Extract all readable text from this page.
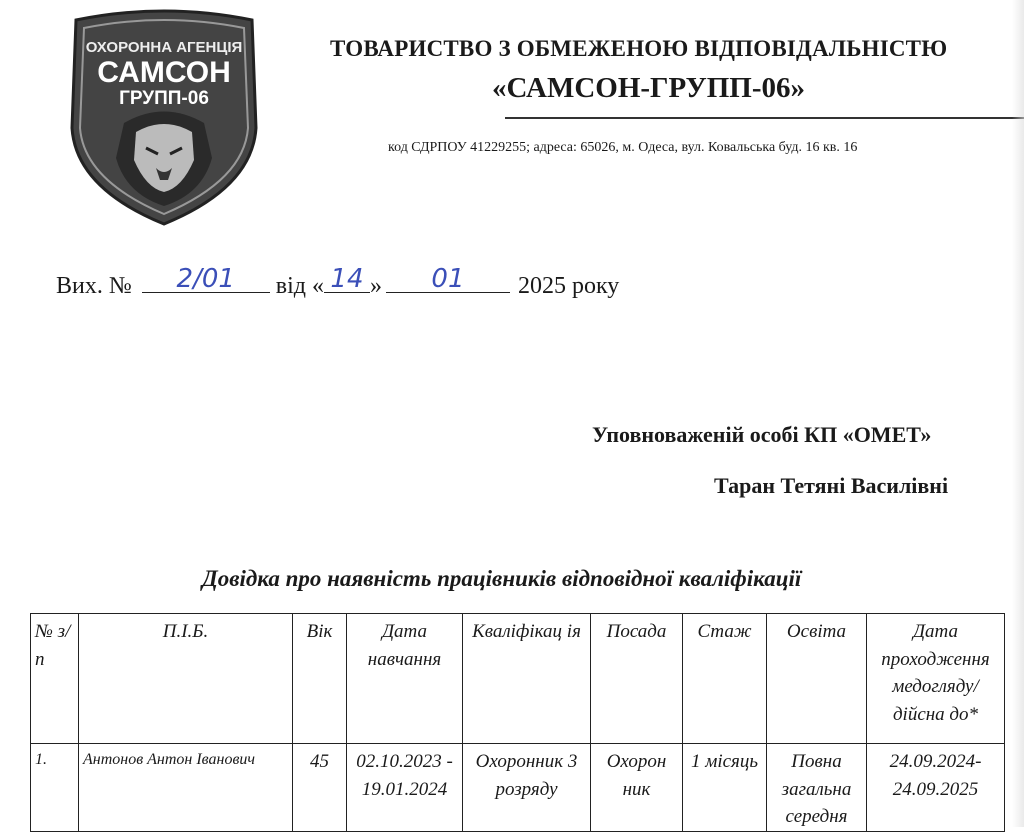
ОХОРОННА АГЕНЦІЯ
САМСОН
ГРУПП-06
ТОВАРИСТВО З ОБМЕЖЕНОЮ ВІДПОВІДАЛЬНІСТЮ
«САМСОН-ГРУПП-06»
код СДРПОУ 41229255; адреса: 65026, м. Одеса, вул. Ковальська буд. 16 кв. 16
Вих. №	2/01	від « 14 »	01	2025 року
Уповноваженій особі КП «ОМЕТ»
Таран Тетяні Василівні
Довідка про наявність працівників відповідної кваліфікації
№ з/п	П.І.Б.	Вік	Дата навчання	Кваліфікац ія	Посада	Стаж	Освіта	Дата проходження медогляду/ дійсна до*
1.	Антонов Антон Іванович	45	02.10.2023 - 19.01.2024	Охоронник 3 розряду	Охорон ник	1 місяць	Повна загальна середня	24.09.2024- 24.09.2025
